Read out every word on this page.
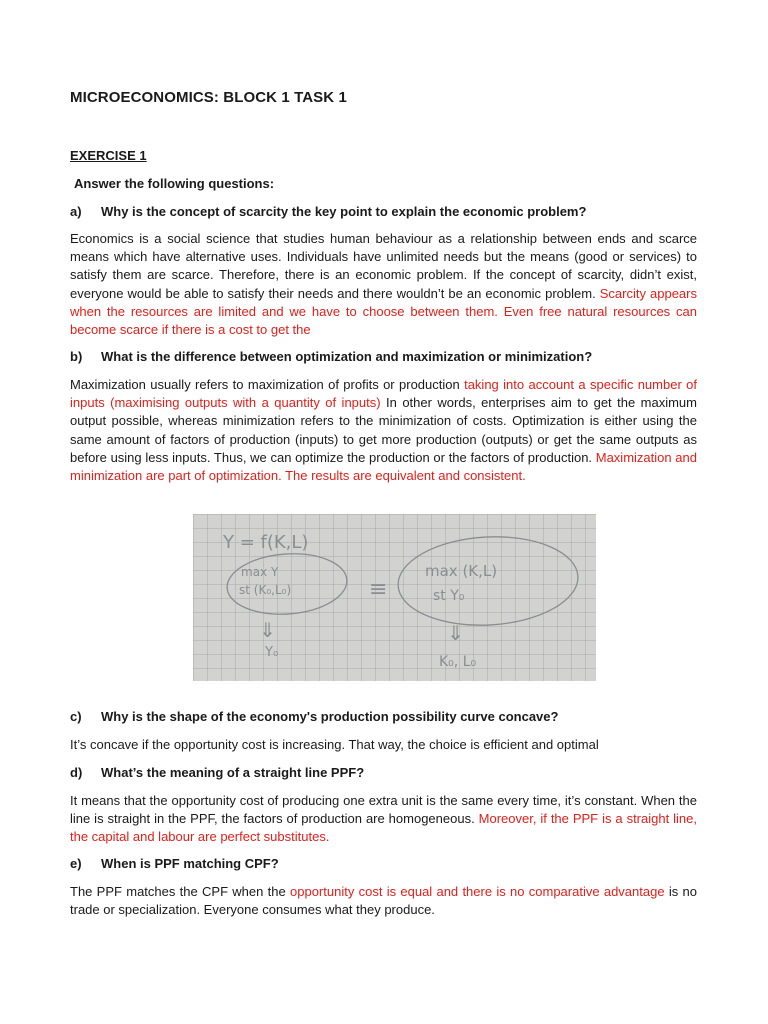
MICROECONOMICS: BLOCK 1 TASK 1
EXERCISE 1
Answer the following questions:
a) Why is the concept of scarcity the key point to explain the economic problem?
Economics is a social science that studies human behaviour as a relationship between ends and scarce means which have alternative uses. Individuals have unlimited needs but the means (good or services) to satisfy them are scarce. Therefore, there is an economic problem. If the concept of scarcity, didn’t exist, everyone would be able to satisfy their needs and there wouldn’t be an economic problem. Scarcity appears when the resources are limited and we have to choose between them. Even free natural resources can become scarce if there is a cost to get the
b) What is the difference between optimization and maximization or minimization?
Maximization usually refers to maximization of profits or production taking into account a specific number of inputs (maximising outputs with a quantity of inputs) In other words, enterprises aim to get the maximum output possible, whereas minimization refers to the minimization of costs. Optimization is either using the same amount of factors of production (inputs) to get more production (outputs) or get the same outputs as before using less inputs. Thus, we can optimize the production or the factors of production. Maximization and minimization are part of optimization. The results are equivalent and consistent.
Y = f(K,L)
max Y
st (K₀,L₀)	≡
max (K,L)
st Y₀
⇓	⇓
Y₀
K₀, L₀
c) Why is the shape of the economy's production possibility curve concave?
It’s concave if the opportunity cost is increasing. That way, the choice is efficient and optimal
d) What’s the meaning of a straight line PPF?
It means that the opportunity cost of producing one extra unit is the same every time, it’s constant. When the line is straight in the PPF, the factors of production are homogeneous. Moreover, if the PPF is a straight line, the capital and labour are perfect substitutes.
e) When is PPF matching CPF?
The PPF matches the CPF when the opportunity cost is equal and there is no comparative advantage is no trade or specialization. Everyone consumes what they produce.
